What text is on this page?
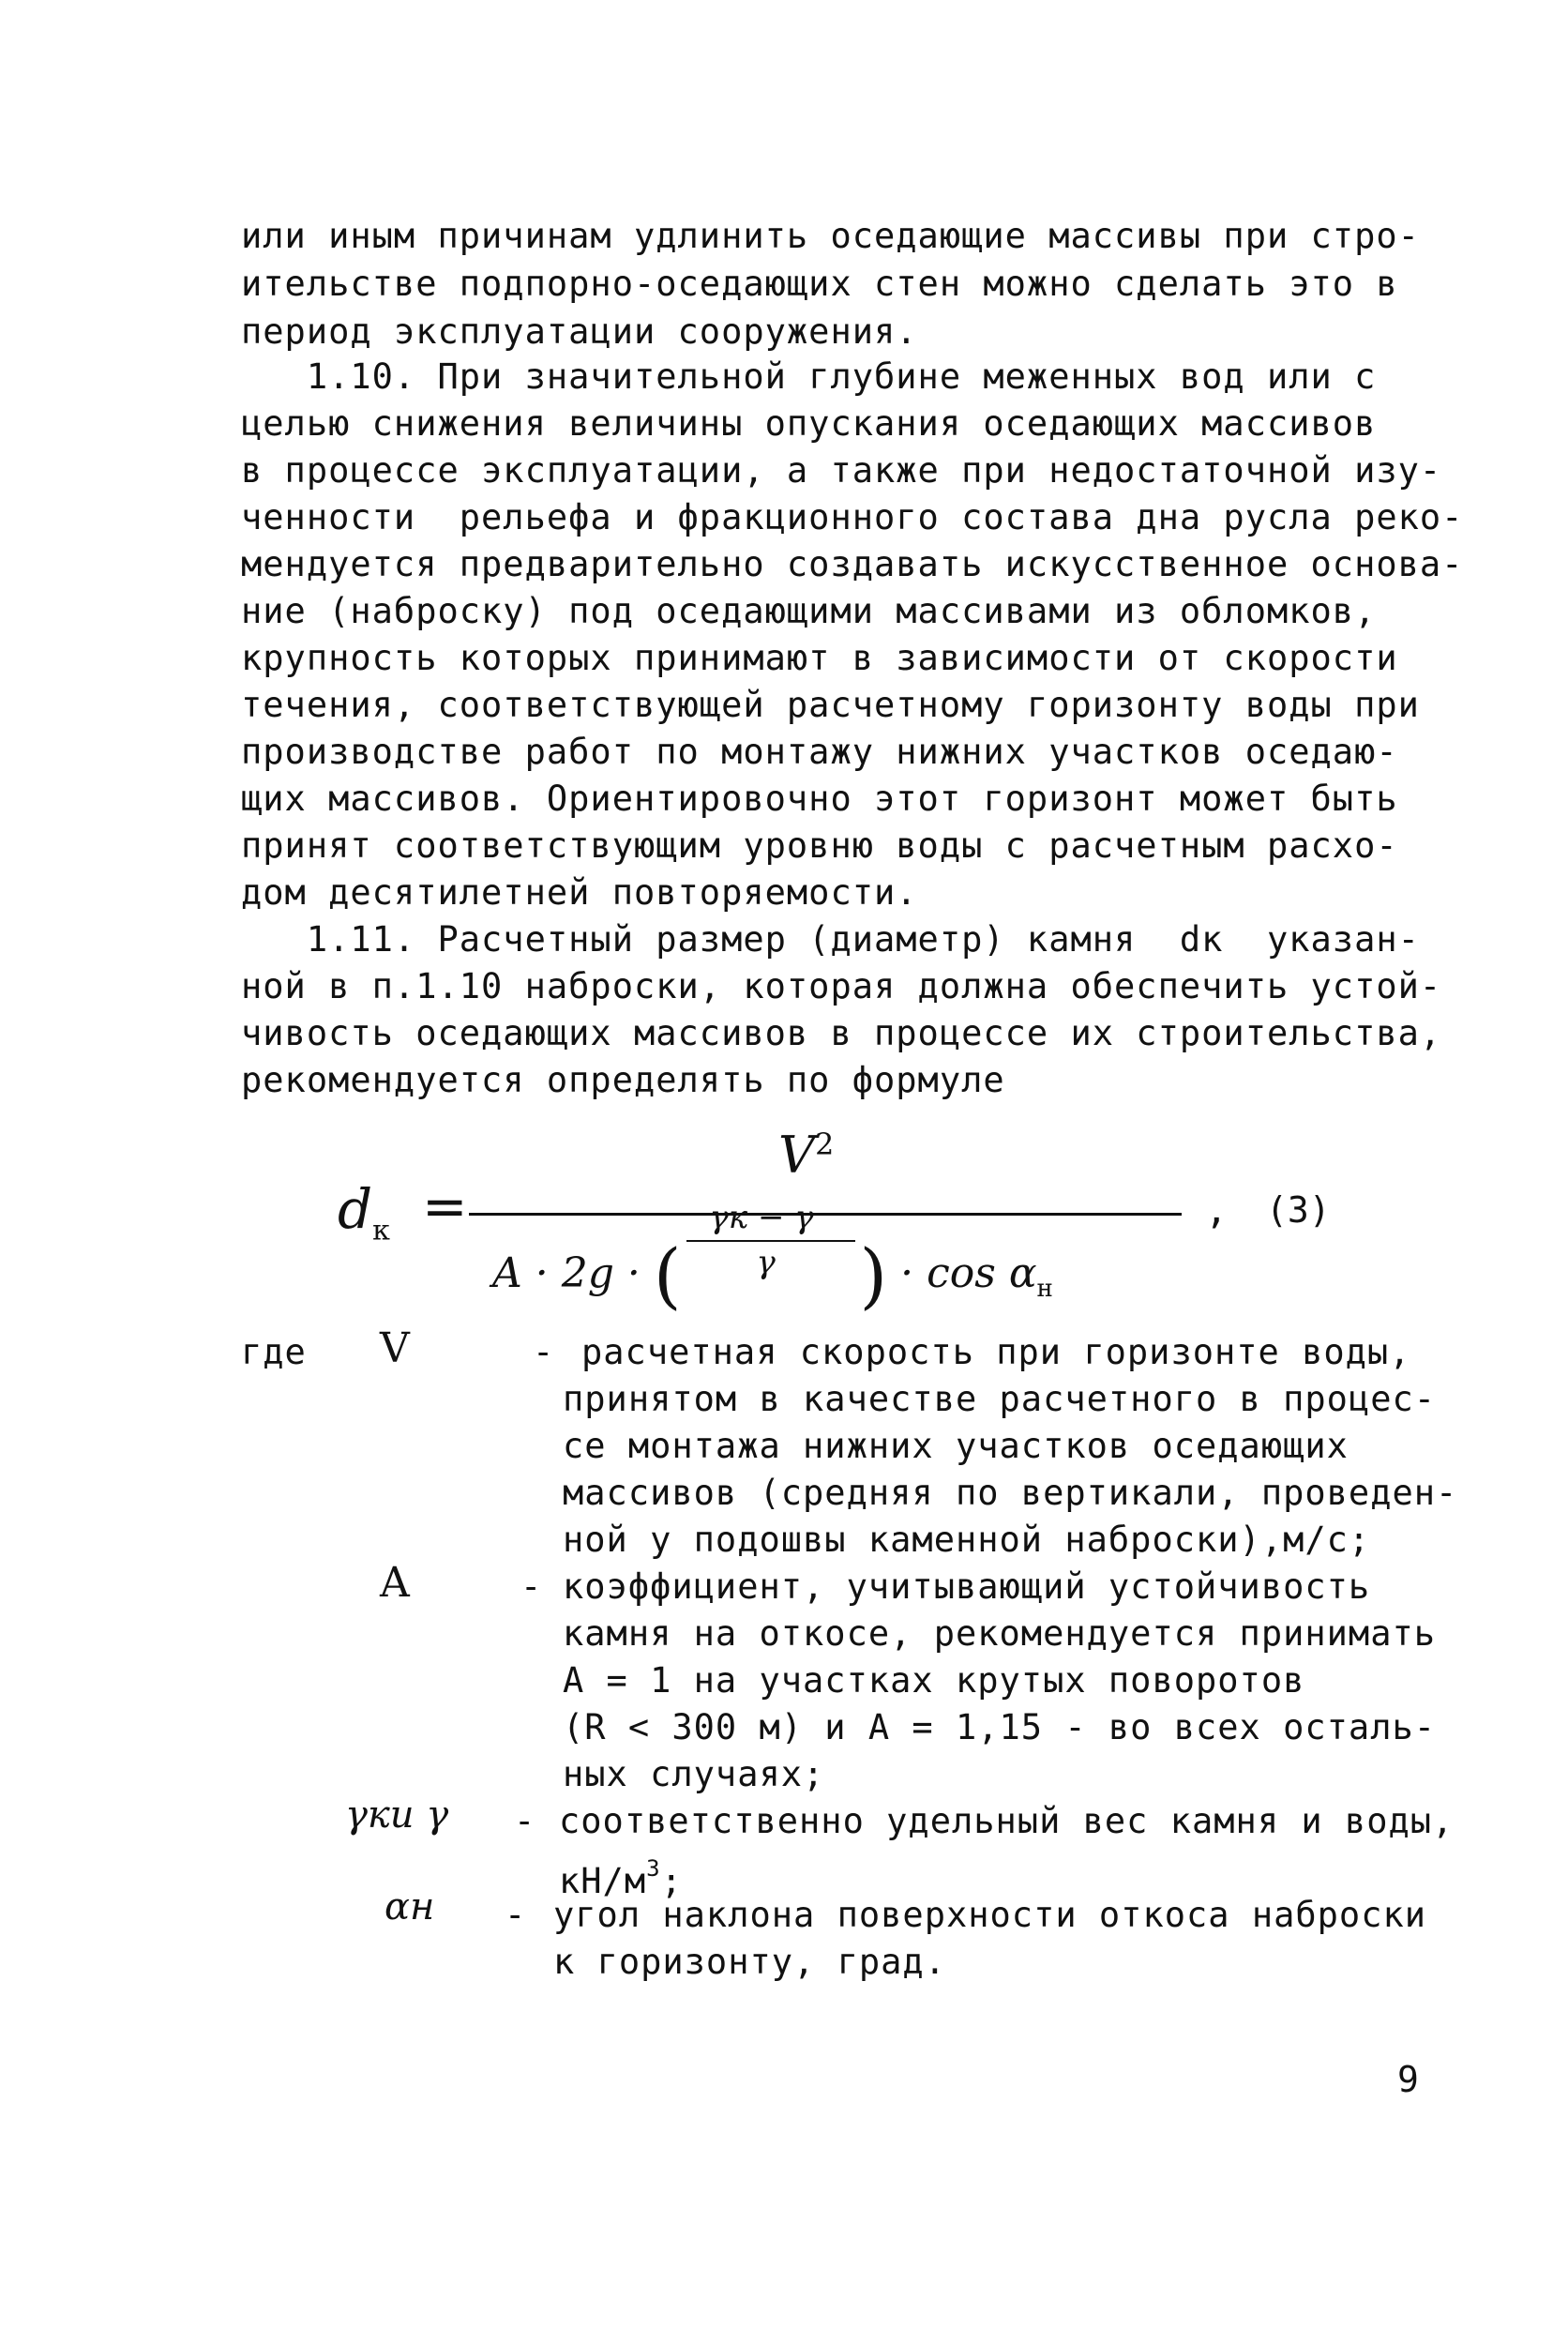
или иным причинам удлинить оседающие массивы при стро-
ительстве подпорно-оседающих стен можно сделать это в
период эксплуатации сооружения.
1.10. При значительной глубине меженных вод или с
целью снижения величины опускания оседающих массивов
в процессе эксплуатации, а также при недостаточной изу-
ченности  рельефа и фракционного состава дна русла реко-
мендуется предварительно создавать искусственное основа-
ние (наброску) под оседающими массивами из обломков,
крупность которых принимают в зависимости от скорости
течения, соответствующей расчетному горизонту воды при
производстве работ по монтажу нижних участков оседаю-
щих массивов. Ориентировочно этот горизонт может быть
принят соответствующим уровню воды с расчетным расхо-
дом десятилетней повторяемости.
1.11. Расчетный размер (диаметр) камня  dк  указан-
ной в п.1.10 наброски, которая должна обеспечить устой-
чивость оседающих массивов в процессе их строительства,
рекомендуется определять по формуле
$d_к$ =
$V^2$
A · 2g · (
γк − γ
γ ) · $\cos \alpha_н$
, (3)
где	V	- расчетная скорость при горизонте воды,
принятом в качестве расчетного в процес-
се монтажа нижних участков оседающих
массивов (средняя по вертикали, проведен-
ной у подошвы каменной наброски),м/с;
A	- коэффициент, учитывающий устойчивость
камня на откосе, рекомендуется принимать
A = 1 на участках крутых поворотов
(R < 300 м) и A = 1,15 - во всех осталь-
ных случаях;
γки γ - соответственно удельный вес камня и воды,
$кН/м^3$;
αн - угол наклона поверхности откоса наброски
к горизонту, град.
9
